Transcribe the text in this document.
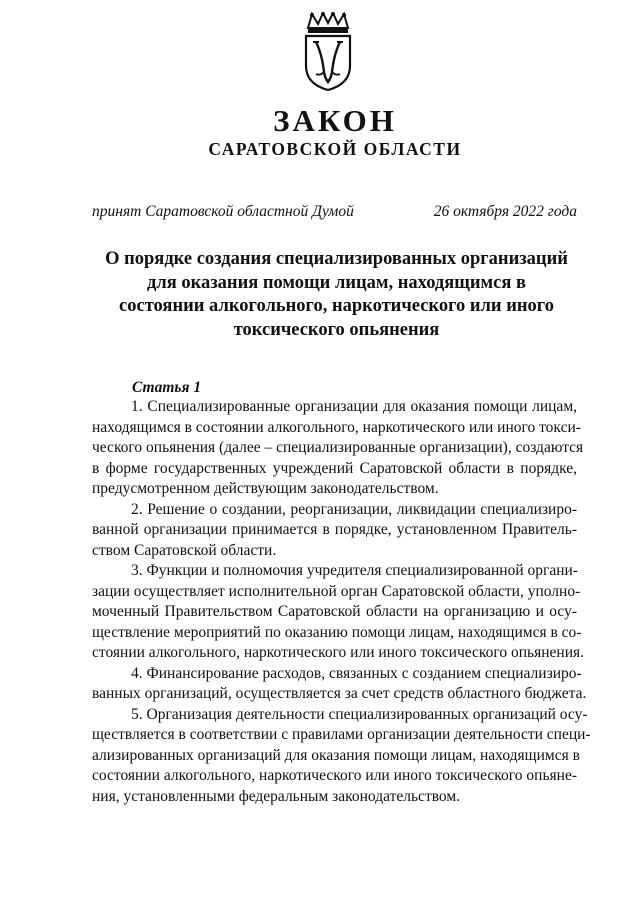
ЗАКОН
САРАТОВСКОЙ ОБЛАСТИ
принят Саратовской областной Думой	26 октября 2022 года
О порядке создания специализированных организаций
для оказания помощи лицам, находящимся в
состоянии алкогольного, наркотического или иного
токсического опьянения
Статья 1
1. Специализированные организации для оказания помощи лицам,
находящимся в состоянии алкогольного, наркотического или иного токси-
ческого опьянения (далее – специализированные организации), создаются
в форме государственных учреждений Саратовской области в порядке,
предусмотренном действующим законодательством.
2. Решение о создании, реорганизации, ликвидации специализиро-
ванной организации принимается в порядке, установленном Правитель-
ством Саратовской области.
3. Функции и полномочия учредителя специализированной органи-
зации осуществляет исполнительной орган Саратовской области, уполно-
моченный Правительством Саратовской области на организацию и осу-
ществление мероприятий по оказанию помощи лицам, находящимся в со-
стоянии алкогольного, наркотического или иного токсического опьянения.
4. Финансирование расходов, связанных с созданием специализиро-
ванных организаций, осуществляется за счет средств областного бюджета.
5. Организация деятельности специализированных организаций осу-
ществляется в соответствии с правилами организации деятельности специ-
ализированных организаций для оказания помощи лицам, находящимся в
состоянии алкогольного, наркотического или иного токсического опьяне-
ния, установленными федеральным законодательством.
